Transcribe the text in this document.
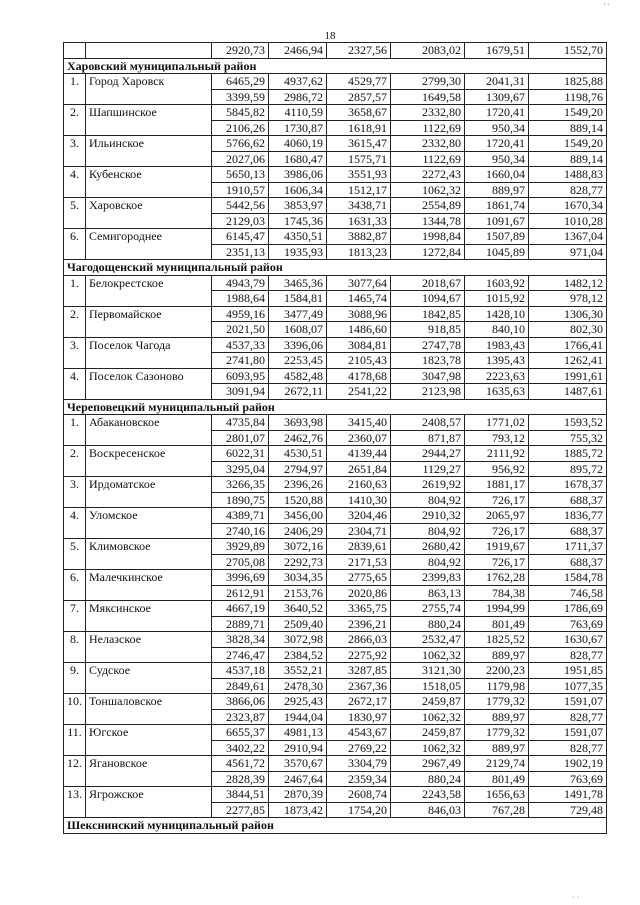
' '
18
		2920,73	2466,94	2327,56	2083,02	1679,51	1552,70
Харовский муниципальный район							
1.	Город Харовск	6465,29	4937,62	4529,77	2799,30	2041,31	1825,88
		3399,59	2986,72	2857,57	1649,58	1309,67	1198,76
2.	Шапшинское	5845,82	4110,59	3658,67	2332,80	1720,41	1549,20
		2106,26	1730,87	1618,91	1122,69	950,34	889,14
3.	Ильинское	5766,62	4060,19	3615,47	2332,80	1720,41	1549,20
		2027,06	1680,47	1575,71	1122,69	950,34	889,14
4.	Кубенское	5650,13	3986,06	3551,93	2272,43	1660,04	1488,83
		1910,57	1606,34	1512,17	1062,32	889,97	828,77
5.	Харовское	5442,56	3853,97	3438,71	2554,89	1861,74	1670,34
		2129,03	1745,36	1631,33	1344,78	1091,67	1010,28
6.	Семигороднее	6145,47	4350,51	3882,87	1998,84	1507,89	1367,04
		2351,13	1935,93	1813,23	1272,84	1045,89	971,04
Чагодощенский муниципальный район							
1.	Белокрестское	4943,79	3465,36	3077,64	2018,67	1603,92	1482,12
		1988,64	1584,81	1465,74	1094,67	1015,92	978,12
2.	Первомайское	4959,16	3477,49	3088,96	1842,85	1428,10	1306,30
		2021,50	1608,07	1486,60	918,85	840,10	802,30
3.	Поселок Чагода	4537,33	3396,06	3084,81	2747,78	1983,43	1766,41
		2741,80	2253,45	2105,43	1823,78	1395,43	1262,41
4.	Поселок Сазоново	6093,95	4582,48	4178,68	3047,98	2223,63	1991,61
		3091,94	2672,11	2541,22	2123,98	1635,63	1487,61
Череповецкий муниципальный район							
1.	Абаканoвское	4735,84	3693,98	3415,40	2408,57	1771,02	1593,52
		2801,07	2462,76	2360,07	871,87	793,12	755,32
2.	Воскресенское	6022,31	4530,51	4139,44	2944,27	2111,92	1885,72
		3295,04	2794,97	2651,84	1129,27	956,92	895,72
3.	Ирдоматское	3266,35	2396,26	2160,63	2619,92	1881,17	1678,37
		1890,75	1520,88	1410,30	804,92	726,17	688,37
4.	Уломское	4389,71	3456,00	3204,46	2910,32	2065,97	1836,77
		2740,16	2406,29	2304,71	804,92	726,17	688,37
5.	Климовское	3929,89	3072,16	2839,61	2680,42	1919,67	1711,37
		2705,08	2292,73	2171,53	804,92	726,17	688,37
6.	Малечкинское	3996,69	3034,35	2775,65	2399,83	1762,28	1584,78
		2612,91	2153,76	2020,86	863,13	784,38	746,58
7.	Мяксинское	4667,19	3640,52	3365,75	2755,74	1994,99	1786,69
		2889,71	2509,40	2396,21	880,24	801,49	763,69
8.	Нелазское	3828,34	3072,98	2866,03	2532,47	1825,52	1630,67
		2746,47	2384,52	2275,92	1062,32	889,97	828,77
9.	Судское	4537,18	3552,21	3287,85	3121,30	2200,23	1951,85
		2849,61	2478,30	2367,36	1518,05	1179,98	1077,35
10.	Тоншаловское	3866,06	2925,43	2672,17	2459,87	1779,32	1591,07
		2323,87	1944,04	1830,97	1062,32	889,97	828,77
11.	Югское	6655,37	4981,13	4543,67	2459,87	1779,32	1591,07
		3402,22	2910,94	2769,22	1062,32	889,97	828,77
12.	Ягановское	4561,72	3570,67	3304,79	2967,49	2129,74	1902,19
		2828,39	2467,64	2359,34	880,24	801,49	763,69
13.	Ягрожское	3844,51	2870,39	2608,74	2243,58	1656,63	1491,78
		2277,85	1873,42	1754,20	846,03	767,28	729,48
Шекснинский муниципальный район							
· ·
